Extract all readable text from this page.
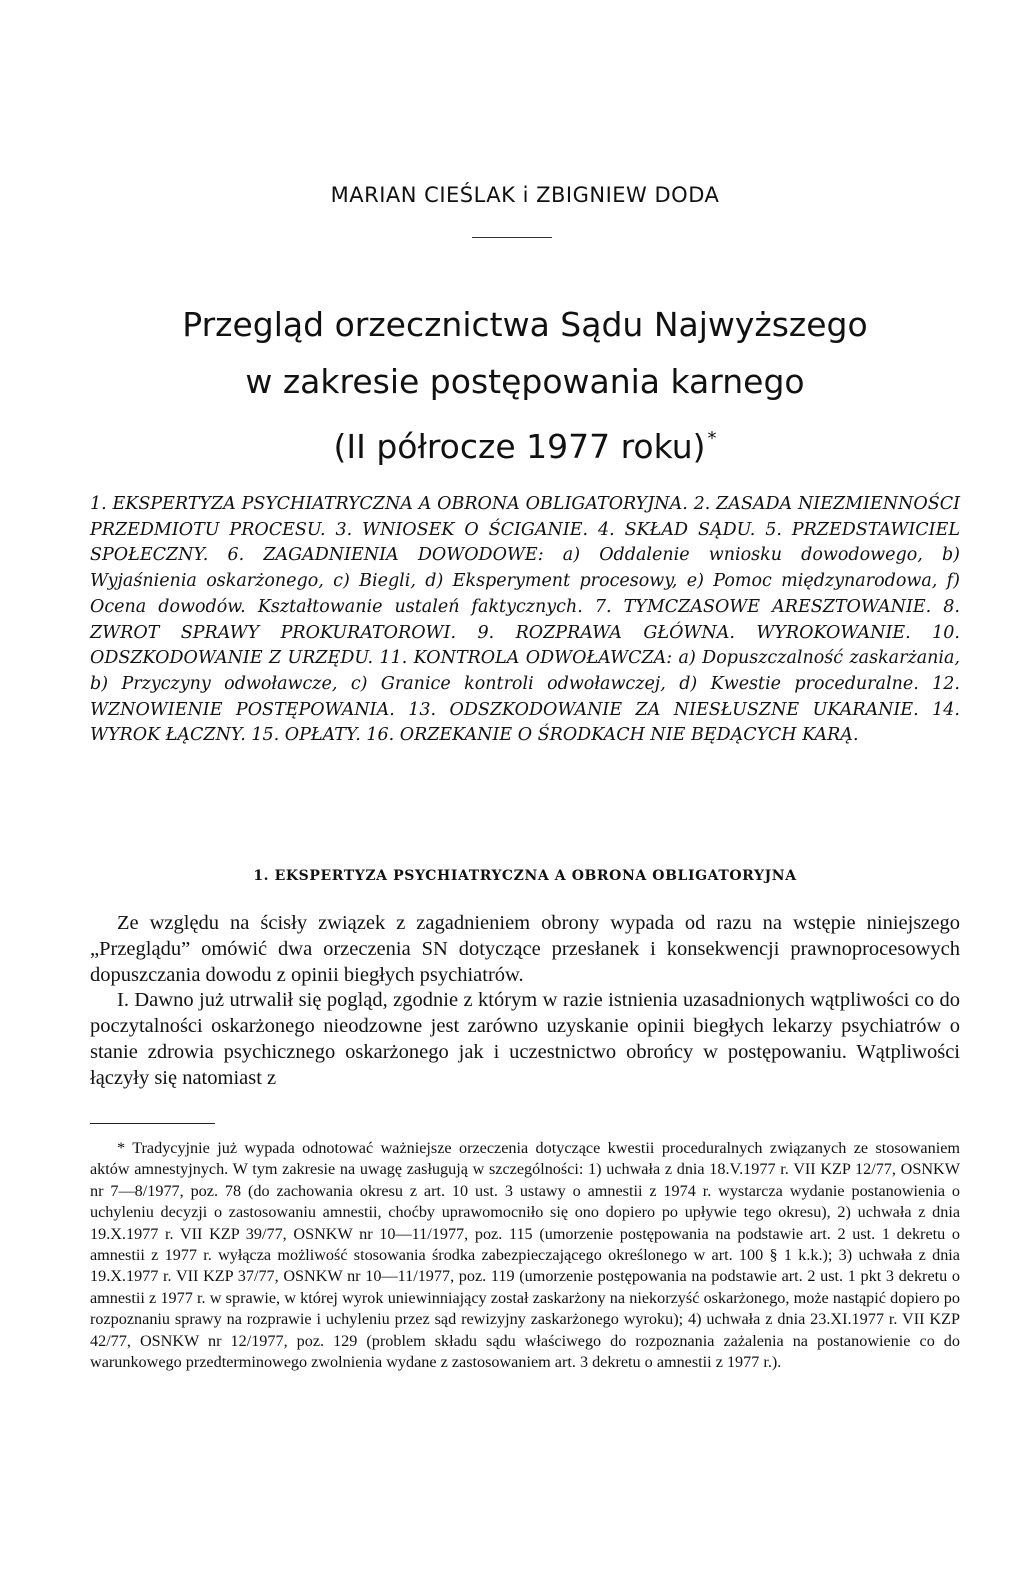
MARIAN CIEŚLAK i ZBIGNIEW DODA
Przegląd orzecznictwa Sądu Najwyższego
w zakresie postępowania karnego
(II półrocze 1977 roku) *
1. EKSPERTYZA PSYCHIATRYCZNA A OBRONA OBLIGATORYJNA. 2. ZASADA NIEZMIENNOŚCI PRZEDMIOTU PROCESU. 3. WNIOSEK O ŚCIGANIE. 4. SKŁAD SĄDU. 5. PRZEDSTAWICIEL SPOŁECZNY. 6. ZAGADNIENIA DOWODOWE: a) Oddalenie wniosku dowodowego, b) Wyjaśnienia oskarżonego, c) Biegli, d) Eksperyment procesowy, e) Pomoc międzynarodowa, f) Ocena dowodów. Kształtowanie ustaleń faktycznych. 7. TYMCZASOWE ARESZTOWANIE. 8. ZWROT SPRAWY PROKURATOROWI. 9. ROZPRAWA GŁÓWNA. WYROKOWANIE. 10. ODSZKODOWANIE Z URZĘDU. 11. KONTROLA ODWOŁAWCZA: a) Dopuszczalność zaskarżania, b) Przyczyny odwoławcze, c) Granice kontroli odwoławczej, d) Kwestie proceduralne. 12. WZNOWIENIE POSTĘPOWANIA. 13. ODSZKODOWANIE ZA NIESŁUSZNE UKARANIE. 14. WYROK ŁĄCZNY. 15. OPŁATY. 16. ORZEKANIE O ŚRODKACH NIE BĘDĄCYCH KARĄ.
1. EKSPERTYZA PSYCHIATRYCZNA A OBRONA OBLIGATORYJNA

Ze względu na ścisły związek z zagadnieniem obrony wypada od razu na wstępie niniejszego „Przeglądu” omówić dwa orzeczenia SN dotyczące przesłanek i konsekwencji prawnoprocesowych dopuszczania dowodu z opinii biegłych psychiatrów.

I. Dawno już utrwalił się pogląd, zgodnie z którym w razie istnienia uzasadnionych wątpliwości co do poczytalności oskarżonego nieodzowne jest zarówno uzyskanie opinii biegłych lekarzy psychiatrów o stanie zdrowia psychicznego oskarżonego jak i uczestnictwo obrońcy w postępowaniu. Wątpliwości łączyły się natomiast z

* Tradycyjnie już wypada odnotować ważniejsze orzeczenia dotyczące kwestii proceduralnych związanych ze stosowaniem aktów amnestyjnych. W tym zakresie na uwagę zasługują w szczególności: 1) uchwała z dnia 18.V.1977 r. VII KZP 12/77, OSNKW nr 7—8/1977, poz. 78 (do zachowania okresu z art. 10 ust. 3 ustawy o amnestii z 1974 r. wystarcza wydanie postanowienia o uchyleniu decyzji o zastosowaniu amnestii, choćby uprawomocniło się ono dopiero po upływie tego okresu), 2) uchwała z dnia 19.X.1977 r. VII KZP 39/77, OSNKW nr 10—11/1977, poz. 115 (umorzenie postępowania na podstawie art. 2 ust. 1 dekretu o amnestii z 1977 r. wyłącza możliwość stosowania środka zabezpieczającego określonego w art. 100 § 1 k.k.); 3) uchwała z dnia 19.X.1977 r. VII KZP 37/77, OSNKW nr 10—11/1977, poz. 119 (umorzenie postępowania na podstawie art. 2 ust. 1 pkt 3 dekretu o amnestii z 1977 r. w sprawie, w której wyrok uniewinniający został zaskarżony na niekorzyść oskarżonego, może nastąpić dopiero po rozpoznaniu sprawy na rozprawie i uchyleniu przez sąd rewizyjny zaskarżonego wyroku); 4) uchwała z dnia 23.XI.1977 r. VII KZP 42/77, OSNKW nr 12/1977, poz. 129 (problem składu sądu właściwego do rozpoznania zażalenia na postanowienie co do warunkowego przedterminowego zwolnienia wydane z zastosowaniem art. 3 dekretu o amnestii z 1977 r.).
